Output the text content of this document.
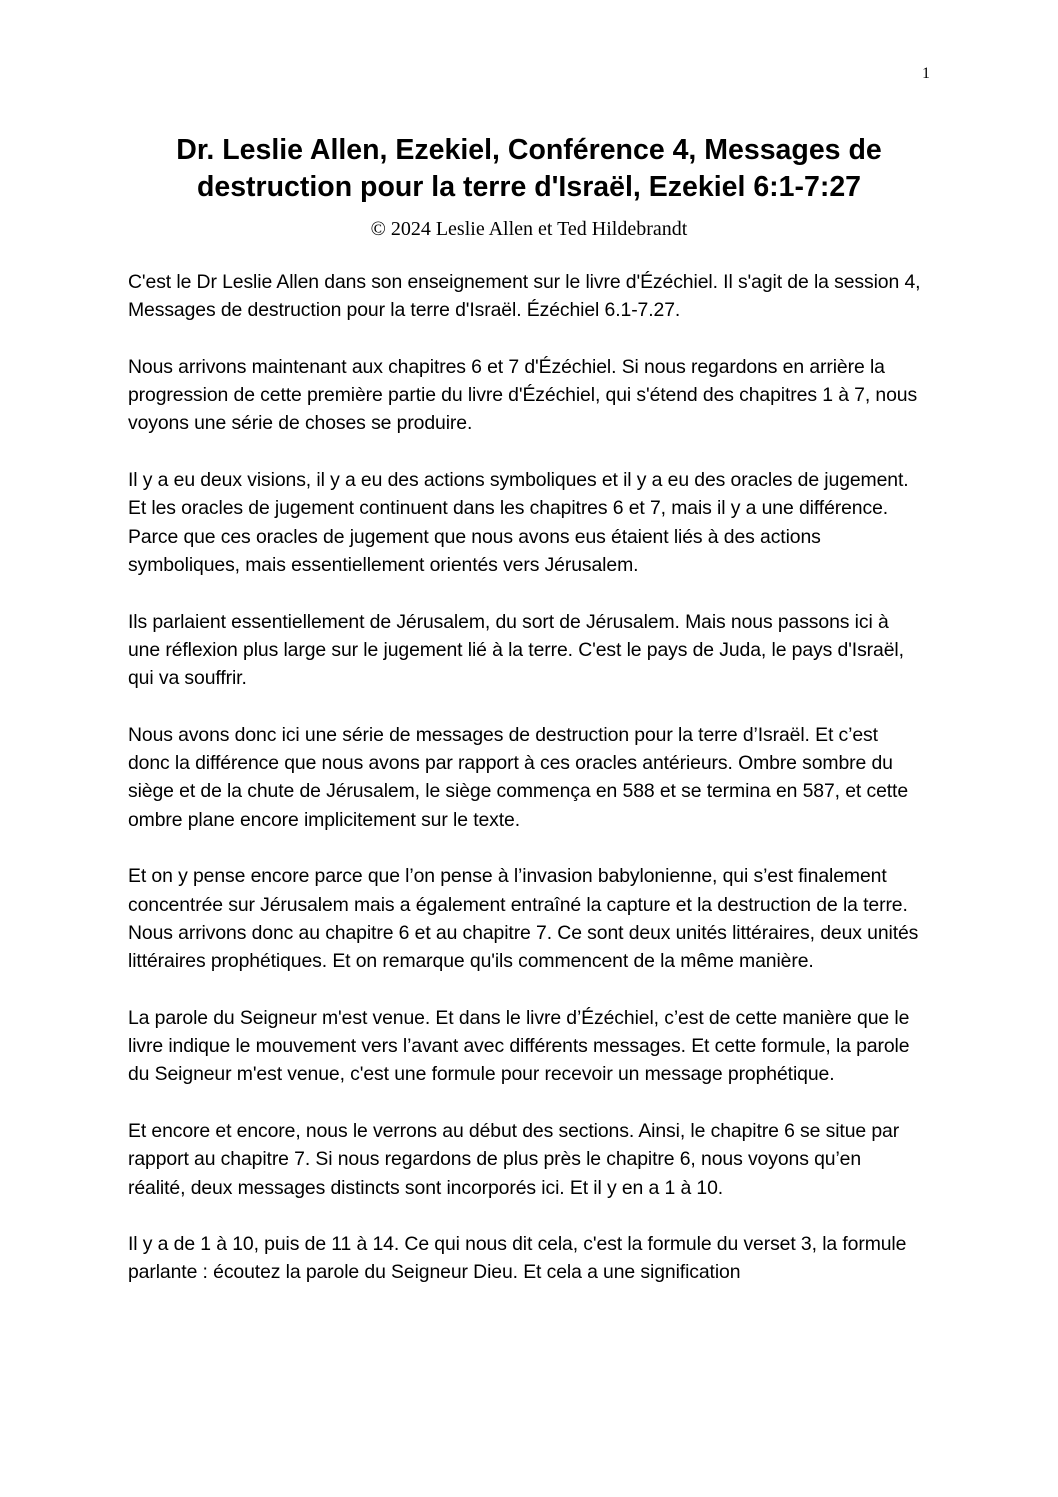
1
Dr. Leslie Allen, Ezekiel, Conférence 4, Messages de destruction pour la terre d'Israël, Ezekiel 6:1-7:27
© 2024 Leslie Allen et Ted Hildebrandt

C'est le Dr Leslie Allen dans son enseignement sur le livre d'Ézéchiel. Il s'agit de la session 4, Messages de destruction pour la terre d'Israël. Ézéchiel 6.1-7.27.

Nous arrivons maintenant aux chapitres 6 et 7 d'Ézéchiel. Si nous regardons en arrière la progression de cette première partie du livre d'Ézéchiel, qui s'étend des chapitres 1 à 7, nous voyons une série de choses se produire.

Il y a eu deux visions, il y a eu des actions symboliques et il y a eu des oracles de jugement. Et les oracles de jugement continuent dans les chapitres 6 et 7, mais il y a une différence. Parce que ces oracles de jugement que nous avons eus étaient liés à des actions symboliques, mais essentiellement orientés vers Jérusalem.

Ils parlaient essentiellement de Jérusalem, du sort de Jérusalem. Mais nous passons ici à une réflexion plus large sur le jugement lié à la terre. C'est le pays de Juda, le pays d'Israël, qui va souffrir.

Nous avons donc ici une série de messages de destruction pour la terre d’Israël. Et c’est donc la différence que nous avons par rapport à ces oracles antérieurs. Ombre sombre du siège et de la chute de Jérusalem, le siège commença en 588 et se termina en 587, et cette ombre plane encore implicitement sur le texte.

Et on y pense encore parce que l’on pense à l’invasion babylonienne, qui s’est finalement concentrée sur Jérusalem mais a également entraîné la capture et la destruction de la terre. Nous arrivons donc au chapitre 6 et au chapitre 7. Ce sont deux unités littéraires, deux unités littéraires prophétiques. Et on remarque qu'ils commencent de la même manière.

La parole du Seigneur m'est venue. Et dans le livre d’Ézéchiel, c’est de cette manière que le livre indique le mouvement vers l’avant avec différents messages. Et cette formule, la parole du Seigneur m'est venue, c'est une formule pour recevoir un message prophétique.

Et encore et encore, nous le verrons au début des sections. Ainsi, le chapitre 6 se situe par rapport au chapitre 7. Si nous regardons de plus près le chapitre 6, nous voyons qu’en réalité, deux messages distincts sont incorporés ici. Et il y en a 1 à 10.

Il y a de 1 à 10, puis de 11 à 14. Ce qui nous dit cela, c'est la formule du verset 3, la formule parlante : écoutez la parole du Seigneur Dieu. Et cela a une signification
